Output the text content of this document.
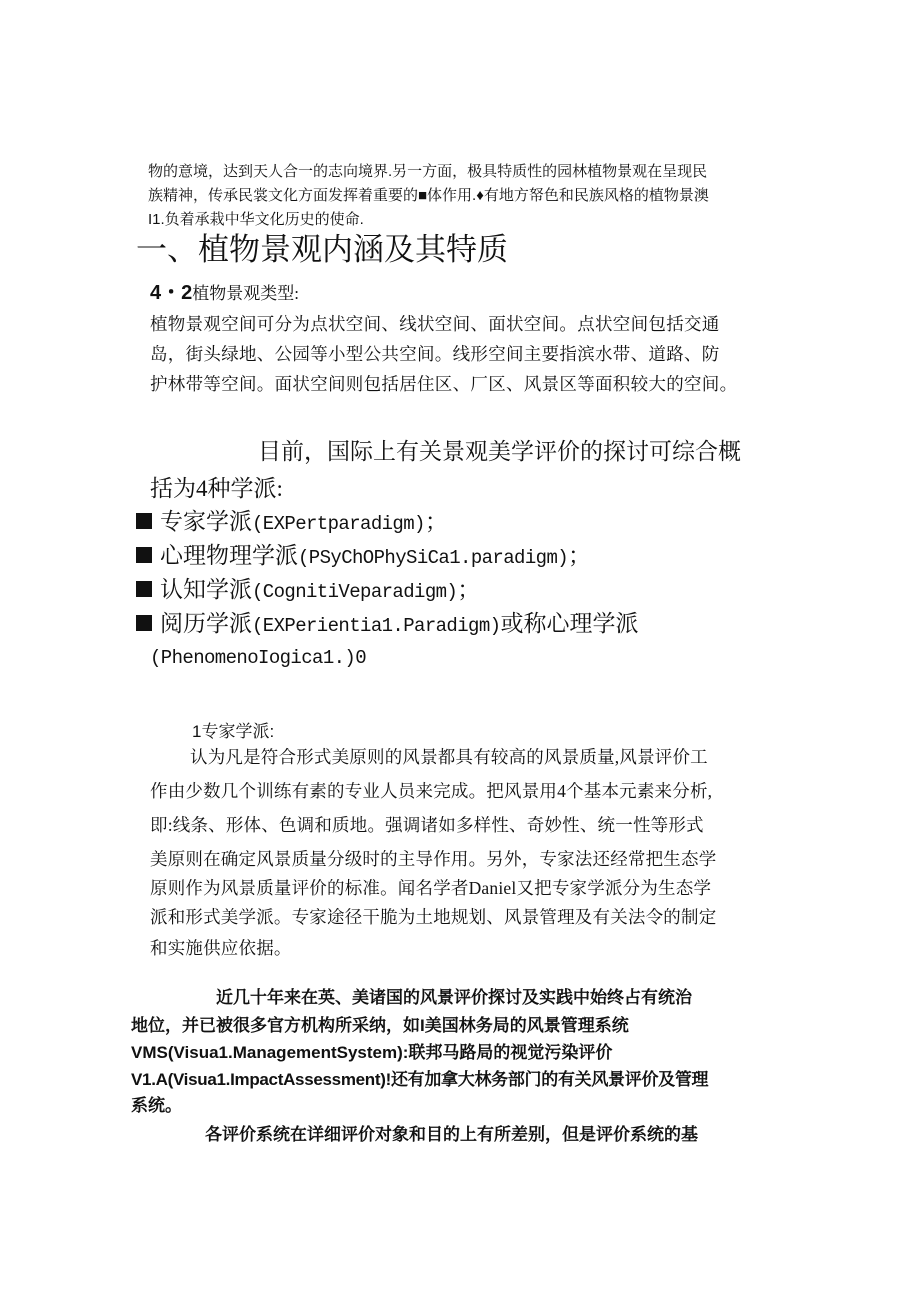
物的意境，达到天人合一的志向境界.另一方面，极具特质性的园林植物景观在呈现民
族精神，传承民裳文化方面发挥着重要的■体作用.♦有地方帑色和民族风格的植物景澳
I1.负着承栽中华文化历史的使命.
一、植物景观内涵及其特质
4・2植物景观类型:
植物景观空间可分为点状空间、线状空间、面状空间。点状空间包括交通
岛，街头绿地、公园等小型公共空间。线形空间主要指滨水带、道路、防
护林带等空间。面状空间则包括居住区、厂区、风景区等面积较大的空间。
目前，国际上有关景观美学评价的探讨可综合概
括为4种学派:
专家学派(EXPertparadigm)；
心理物理学派(PSyChOPhySiCa1.paradigm)；
认知学派(CognitiVeparadigm)；
阅历学派(EXPerientia1.Paradigm)或称心理学派
(PhenomenoIogica1.)0
1专家学派:
认为凡是符合形式美原则的风景都具有较高的风景质量,风景评价工
作由少数几个训练有素的专业人员来完成。把风景用4个基本元素来分析,
即:线条、形体、色调和质地。强调诸如多样性、奇妙性、统一性等形式
美原则在确定风景质量分级时的主导作用。另外，专家法还经常把生态学
原则作为风景质量评价的标准。闻名学者Daniel又把专家学派分为生态学
派和形式美学派。专家途径干脆为土地规划、风景管理及有关法令的制定
和实施供应依据。
近几十年来在英、美诸国的风景评价探讨及实践中始终占有统治
地位，并已被很多官方机构所采纳，如I美国林务局的风景管理系统
VMS(Visua1.ManagementSystem):联邦马路局的视觉污染评价
V1.A(Visua1.ImpactAssessment)!还有加拿大林务部门的有关风景评价及管理
系统。
各评价系统在详细评价对象和目的上有所差别，但是评价系统的基
